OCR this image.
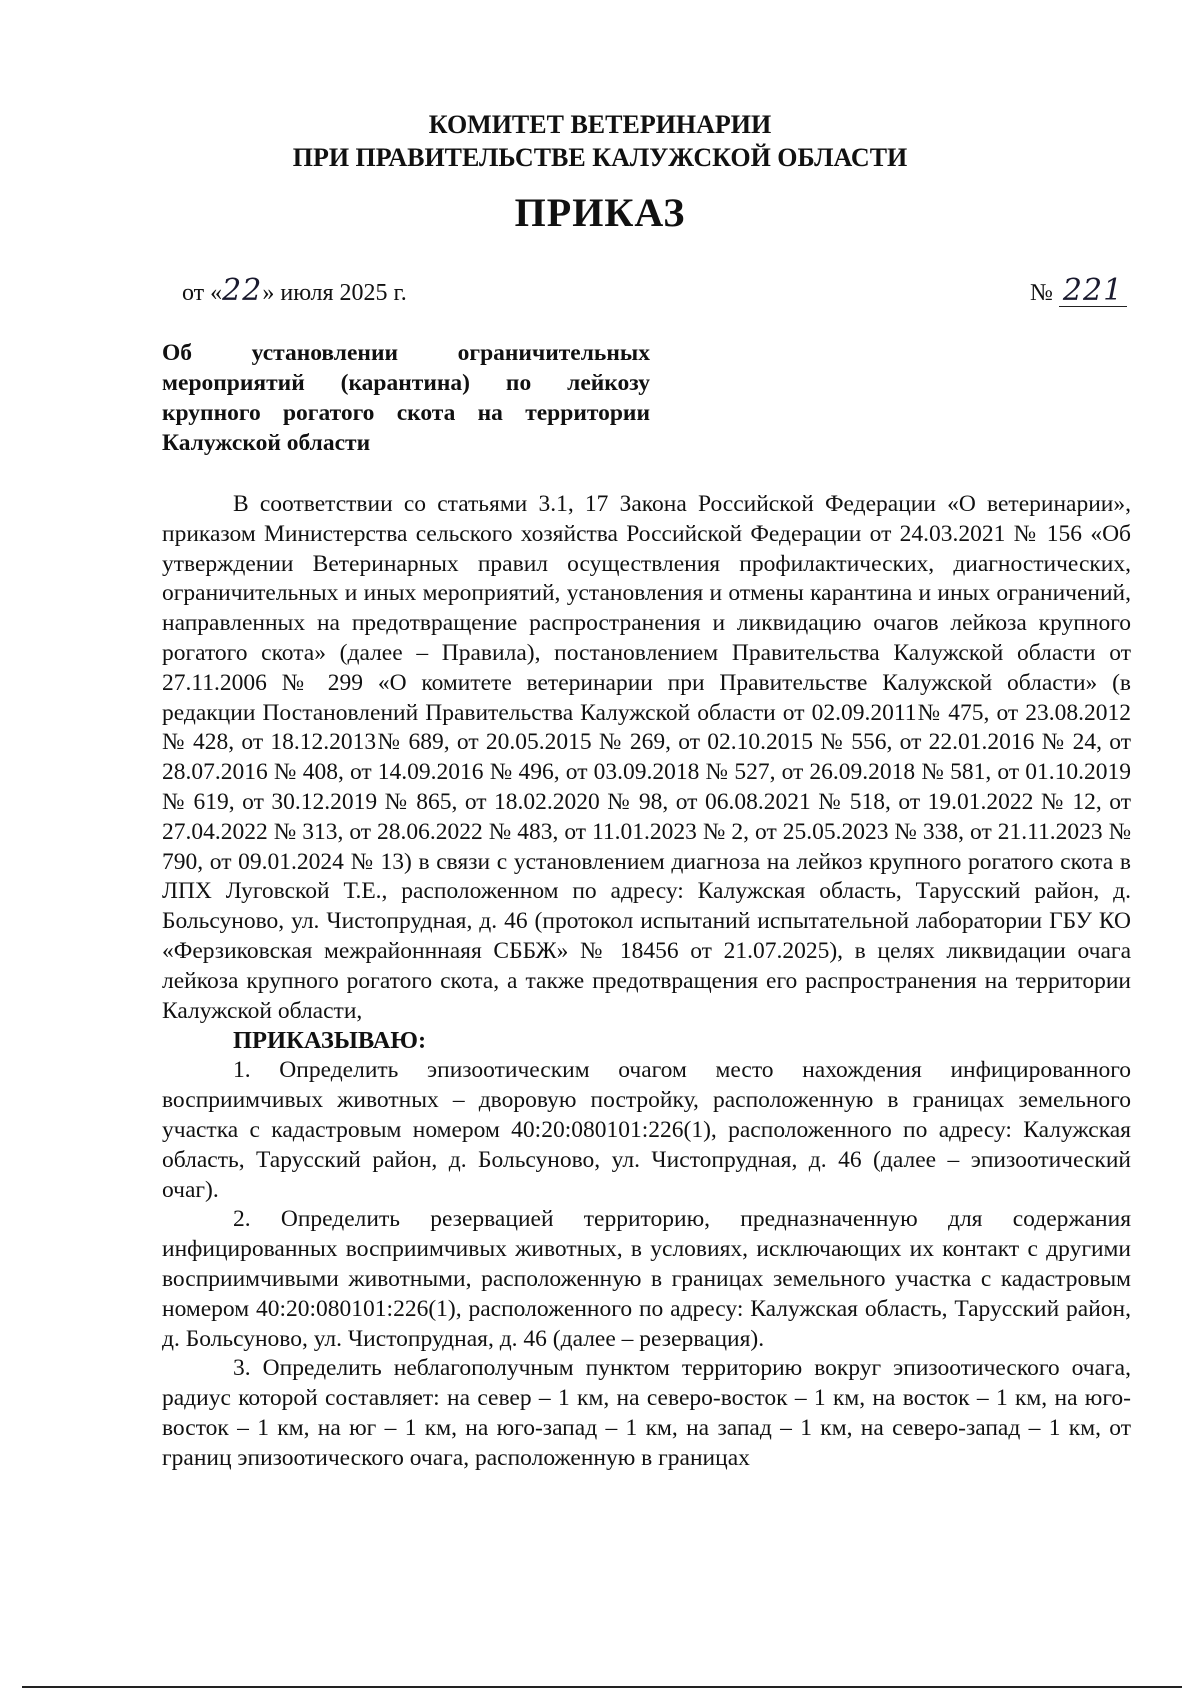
КОМИТЕТ ВЕТЕРИНАРИИ
ПРИ ПРАВИТЕЛЬСТВЕ КАЛУЖСКОЙ ОБЛАСТИ
ПРИКАЗ
от «22» июля 2025 г.	№ 221
Об установлении ограничительных мероприятий (карантина) по лейкозу крупного рогатого скота на территории Калужской области

В соответствии со статьями 3.1, 17 Закона Российской Федерации «О ветеринарии», приказом Министерства сельского хозяйства Российской Федерации от 24.03.2021 № 156 «Об утверждении Ветеринарных правил осуществления профилактических, диагностических, ограничительных и иных мероприятий, установления и отмены карантина и иных ограничений, направленных на предотвращение распространения и ликвидацию очагов лейкоза крупного рогатого скота» (далее – Правила), постановлением Правительства Калужской области от 27.11.2006 № 299 «О комитете ветеринарии при Правительстве Калужской области» (в редакции Постановлений Правительства Калужской области от 02.09.2011№ 475, от 23.08.2012 № 428, от 18.12.2013№ 689, от 20.05.2015 № 269, от 02.10.2015 № 556, от 22.01.2016 № 24, от 28.07.2016 № 408, от 14.09.2016 № 496, от 03.09.2018 № 527, от 26.09.2018 № 581, от 01.10.2019 № 619, от 30.12.2019 № 865, от 18.02.2020 № 98, от 06.08.2021 № 518, от 19.01.2022 № 12, от 27.04.2022 № 313, от 28.06.2022 № 483, от 11.01.2023 № 2, от 25.05.2023 № 338, от 21.11.2023 № 790, от 09.01.2024 № 13) в связи с установлением диагноза на лейкоз крупного рогатого скота в ЛПХ Луговской Т.Е., расположенном по адресу: Калужская область, Тарусский район, д. Больсуново, ул. Чистопрудная, д. 46 (протокол испытаний испытательной лаборатории ГБУ КО «Ферзиковская межрайонннаяя СББЖ» № 18456 от 21.07.2025), в целях ликвидации очага лейкоза крупного рогатого скота, а также предотвращения его распространения на территории Калужской области,

ПРИКАЗЫВАЮ:

1. Определить эпизоотическим очагом место нахождения инфицированного восприимчивых животных – дворовую постройку, расположенную в границах земельного участка с кадастровым номером 40:20:080101:226(1), расположенного по адресу: Калужская область, Тарусский район, д. Больсуново, ул. Чистопрудная, д. 46 (далее – эпизоотический очаг).

2. Определить резервацией территорию, предназначенную для содержания инфицированных восприимчивых животных, в условиях, исключающих их контакт с другими восприимчивыми животными, расположенную в границах земельного участка с кадастровым номером 40:20:080101:226(1), расположенного по адресу: Калужская область, Тарусский район, д. Больсуново, ул. Чистопрудная, д. 46 (далее – резервация).

3. Определить неблагополучным пунктом территорию вокруг эпизоотического очага, радиус которой составляет: на север – 1 км, на северо-восток – 1 км, на восток – 1 км, на юго-восток – 1 км, на юг – 1 км, на юго-запад – 1 км, на запад – 1 км, на северо-запад – 1 км, от границ эпизоотического очага, расположенную в границах
